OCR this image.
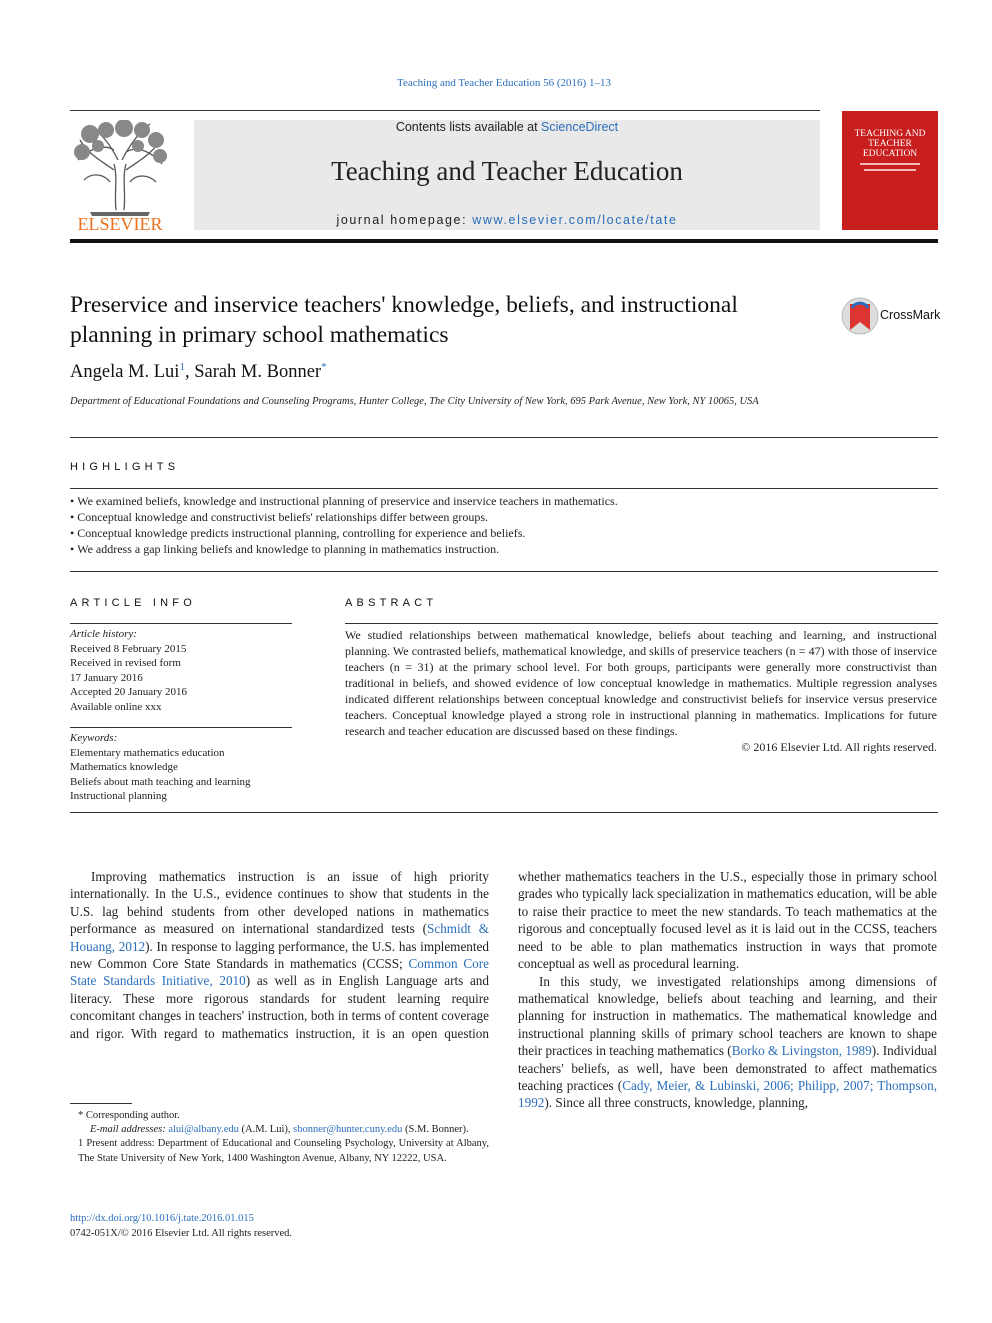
Teaching and Teacher Education 56 (2016) 1–13
ELSEVIER
Contents lists available at ScienceDirect
Teaching and Teacher Education
journal homepage: www.elsevier.com/locate/tate
TEACHING AND TEACHER EDUCATION
Preservice and inservice teachers' knowledge, beliefs, and instructional planning in primary school mathematics
CrossMark
Angela M. Lui$^1$, Sarah M. Bonner*
Department of Educational Foundations and Counseling Programs, Hunter College, The City University of New York, 695 Park Avenue, New York, NY 10065, USA
HIGHLIGHTS
• We examined beliefs, knowledge and instructional planning of preservice and inservice teachers in mathematics.
• Conceptual knowledge and constructivist beliefs' relationships differ between groups.
• Conceptual knowledge predicts instructional planning, controlling for experience and beliefs.
• We address a gap linking beliefs and knowledge to planning in mathematics instruction.
ARTICLE INFO
Article history:
Received 8 February 2015
Received in revised form
17 January 2016
Accepted 20 January 2016
Available online xxx
Keywords:
Elementary mathematics education
Mathematics knowledge
Beliefs about math teaching and learning
Instructional planning
ABSTRACT
We studied relationships between mathematical knowledge, beliefs about teaching and learning, and instructional planning. We contrasted beliefs, mathematical knowledge, and skills of preservice teachers (n = 47) with those of inservice teachers (n = 31) at the primary school level. For both groups, participants were generally more constructivist than traditional in beliefs, and showed evidence of low conceptual knowledge in mathematics. Multiple regression analyses indicated different relationships between conceptual knowledge and constructivist beliefs for inservice versus preservice teachers. Conceptual knowledge played a strong role in instructional planning in mathematics. Implications for future research and teacher education are discussed based on these findings.
© 2016 Elsevier Ltd. All rights reserved.
Improving mathematics instruction is an issue of high priority internationally. In the U.S., evidence continues to show that students in the U.S. lag behind students from other developed nations in mathematics performance as measured on international standardized tests (Schmidt & Houang, 2012). In response to lagging performance, the U.S. has implemented new Common Core State Standards in mathematics (CCSS; Common Core State Standards Initiative, 2010) as well as in English Language arts and literacy. These more rigorous standards for student learning require concomitant changes in teachers' instruction, both in terms of content coverage and rigor. With regard to mathematics instruction, it is an open question
whether mathematics teachers in the U.S., especially those in primary school grades who typically lack specialization in mathematics education, will be able to raise their practice to meet the new standards. To teach mathematics at the rigorous and conceptually focused level as it is laid out in the CCSS, teachers need to be able to plan mathematics instruction in ways that promote conceptual as well as procedural learning.
In this study, we investigated relationships among dimensions of mathematical knowledge, beliefs about teaching and learning, and their planning for instruction in mathematics. The mathematical knowledge and instructional planning skills of primary school teachers are known to shape their practices in teaching mathematics (Borko & Livingston, 1989). Individual teachers' beliefs, as well, have been demonstrated to affect mathematics teaching practices (Cady, Meier, & Lubinski, 2006; Philipp, 2007; Thompson, 1992). Since all three constructs, knowledge, planning,
* Corresponding author.
E-mail addresses: alui@albany.edu (A.M. Lui), sbonner@hunter.cuny.edu (S.M. Bonner).
1 Present address: Department of Educational and Counseling Psychology, University at Albany, The State University of New York, 1400 Washington Avenue, Albany, NY 12222, USA.
http://dx.doi.org/10.1016/j.tate.2016.01.015
0742-051X/© 2016 Elsevier Ltd. All rights reserved.
